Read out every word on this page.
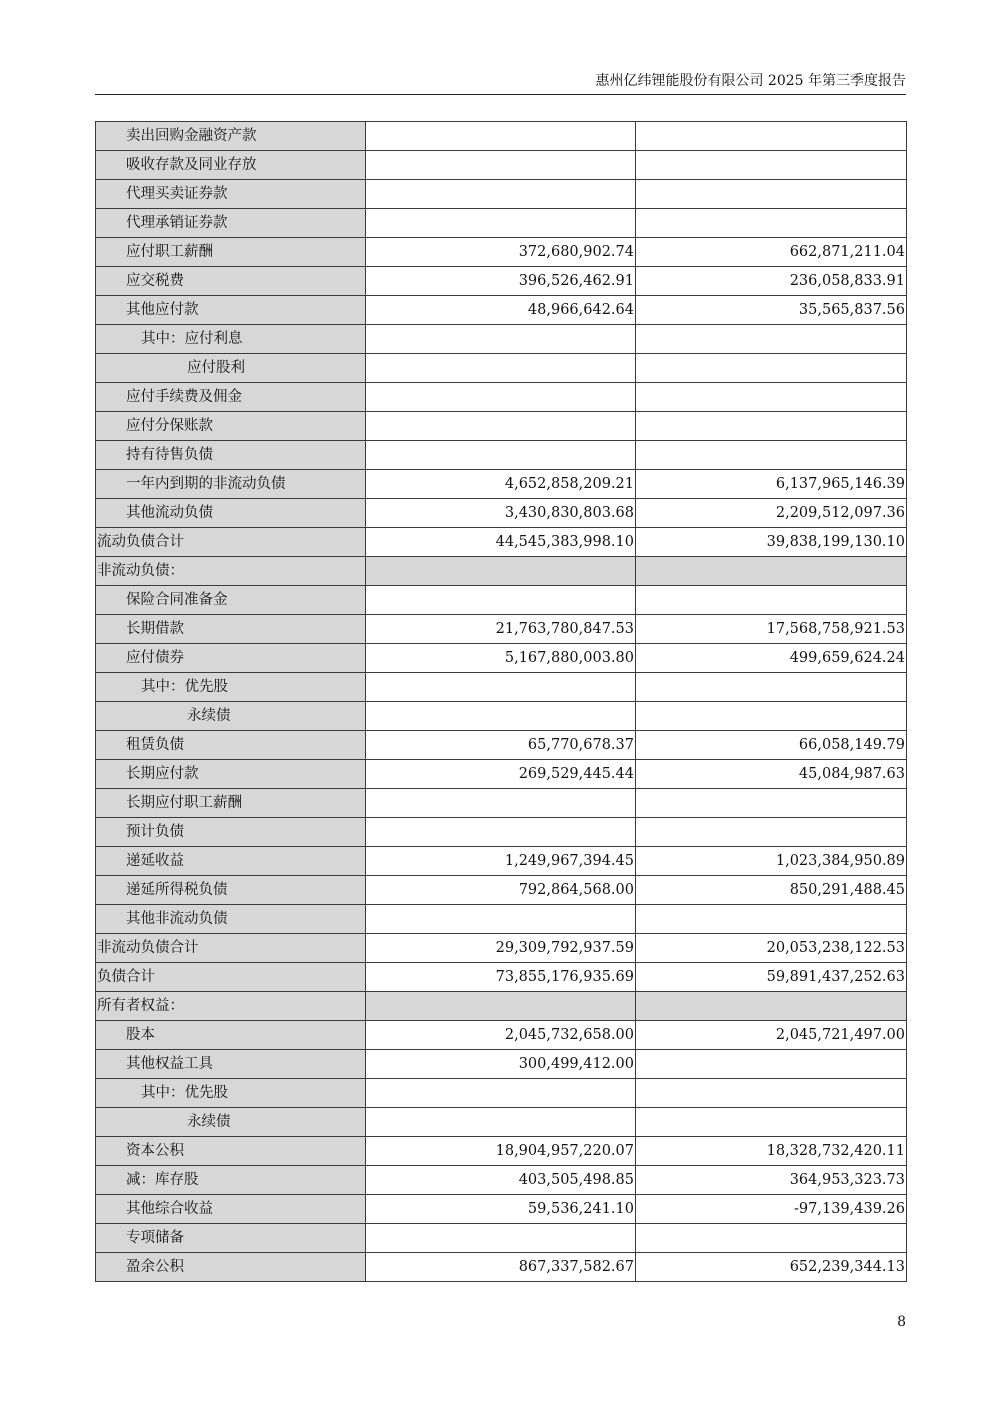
惠州亿纬锂能股份有限公司 2025 年第三季度报告
卖出回购金融资产款		
吸收存款及同业存放		
代理买卖证券款		
代理承销证券款		
应付职工薪酬	372,680,902.74	662,871,211.04
应交税费	396,526,462.91	236,058,833.91
其他应付款	48,966,642.64	35,565,837.56
其中：应付利息		
应付股利		
应付手续费及佣金		
应付分保账款		
持有待售负债		
一年内到期的非流动负债	4,652,858,209.21	6,137,965,146.39
其他流动负债	3,430,830,803.68	2,209,512,097.36
流动负债合计	44,545,383,998.10	39,838,199,130.10
非流动负债：		
保险合同准备金		
长期借款	21,763,780,847.53	17,568,758,921.53
应付债券	5,167,880,003.80	499,659,624.24
其中：优先股		
永续债		
租赁负债	65,770,678.37	66,058,149.79
长期应付款	269,529,445.44	45,084,987.63
长期应付职工薪酬		
预计负债		
递延收益	1,249,967,394.45	1,023,384,950.89
递延所得税负债	792,864,568.00	850,291,488.45
其他非流动负债		
非流动负债合计	29,309,792,937.59	20,053,238,122.53
负债合计	73,855,176,935.69	59,891,437,252.63
所有者权益：		
股本	2,045,732,658.00	2,045,721,497.00
其他权益工具	300,499,412.00	
其中：优先股		
永续债		
资本公积	18,904,957,220.07	18,328,732,420.11
减：库存股	403,505,498.85	364,953,323.73
其他综合收益	59,536,241.10	-97,139,439.26
专项储备		
盈余公积	867,337,582.67	652,239,344.13
8
